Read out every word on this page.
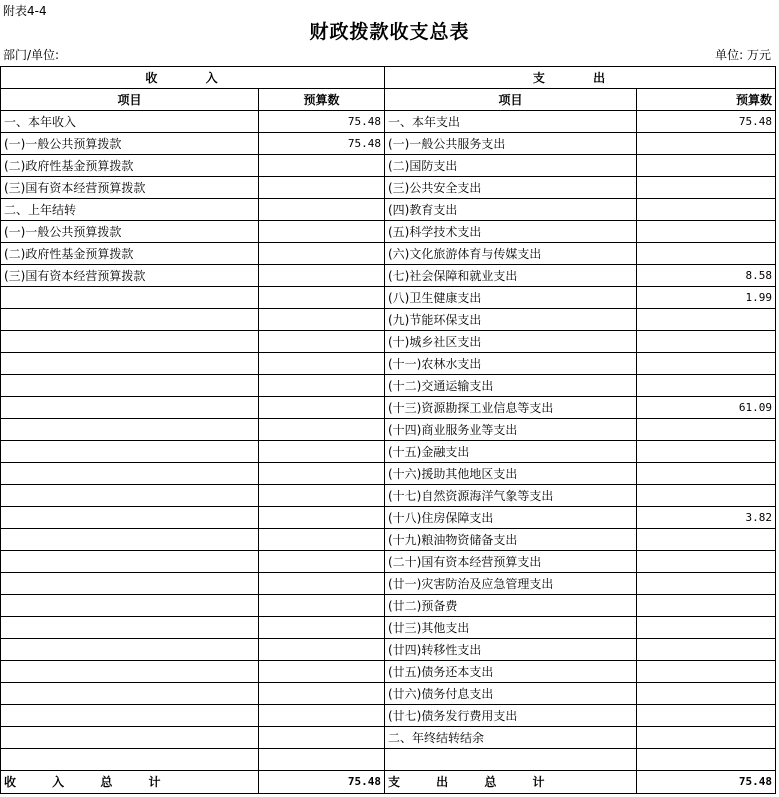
附表4-4
财政拨款收支总表
部门/单位:	单位: 万元
收 入		支 出	
项目	预算数	项目	预算数
一、本年收入	75.48	一、本年支出	75.48
(一)一般公共预算拨款	75.48	(一)一般公共服务支出	
(二)政府性基金预算拨款		(二)国防支出	
(三)国有资本经营预算拨款		(三)公共安全支出	
二、上年结转		(四)教育支出	
(一)一般公共预算拨款		(五)科学技术支出	
(二)政府性基金预算拨款		(六)文化旅游体育与传媒支出	
(三)国有资本经营预算拨款		(七)社会保障和就业支出	8.58
		(八)卫生健康支出	1.99
		(九)节能环保支出	
		(十)城乡社区支出	
		(十一)农林水支出	
		(十二)交通运输支出	
		(十三)资源勘探工业信息等支出	61.09
		(十四)商业服务业等支出	
		(十五)金融支出	
		(十六)援助其他地区支出	
		(十七)自然资源海洋气象等支出	
		(十八)住房保障支出	3.82
		(十九)粮油物资储备支出	
		(二十)国有资本经营预算支出	
		(廿一)灾害防治及应急管理支出	
		(廿二)预备费	
		(廿三)其他支出	
		(廿四)转移性支出	
		(廿五)债务还本支出	
		(廿六)债务付息支出	
		(廿七)债务发行费用支出	
		二、年终结转结余	

收 入 总 计	75.48	支 出 总 计	75.48
